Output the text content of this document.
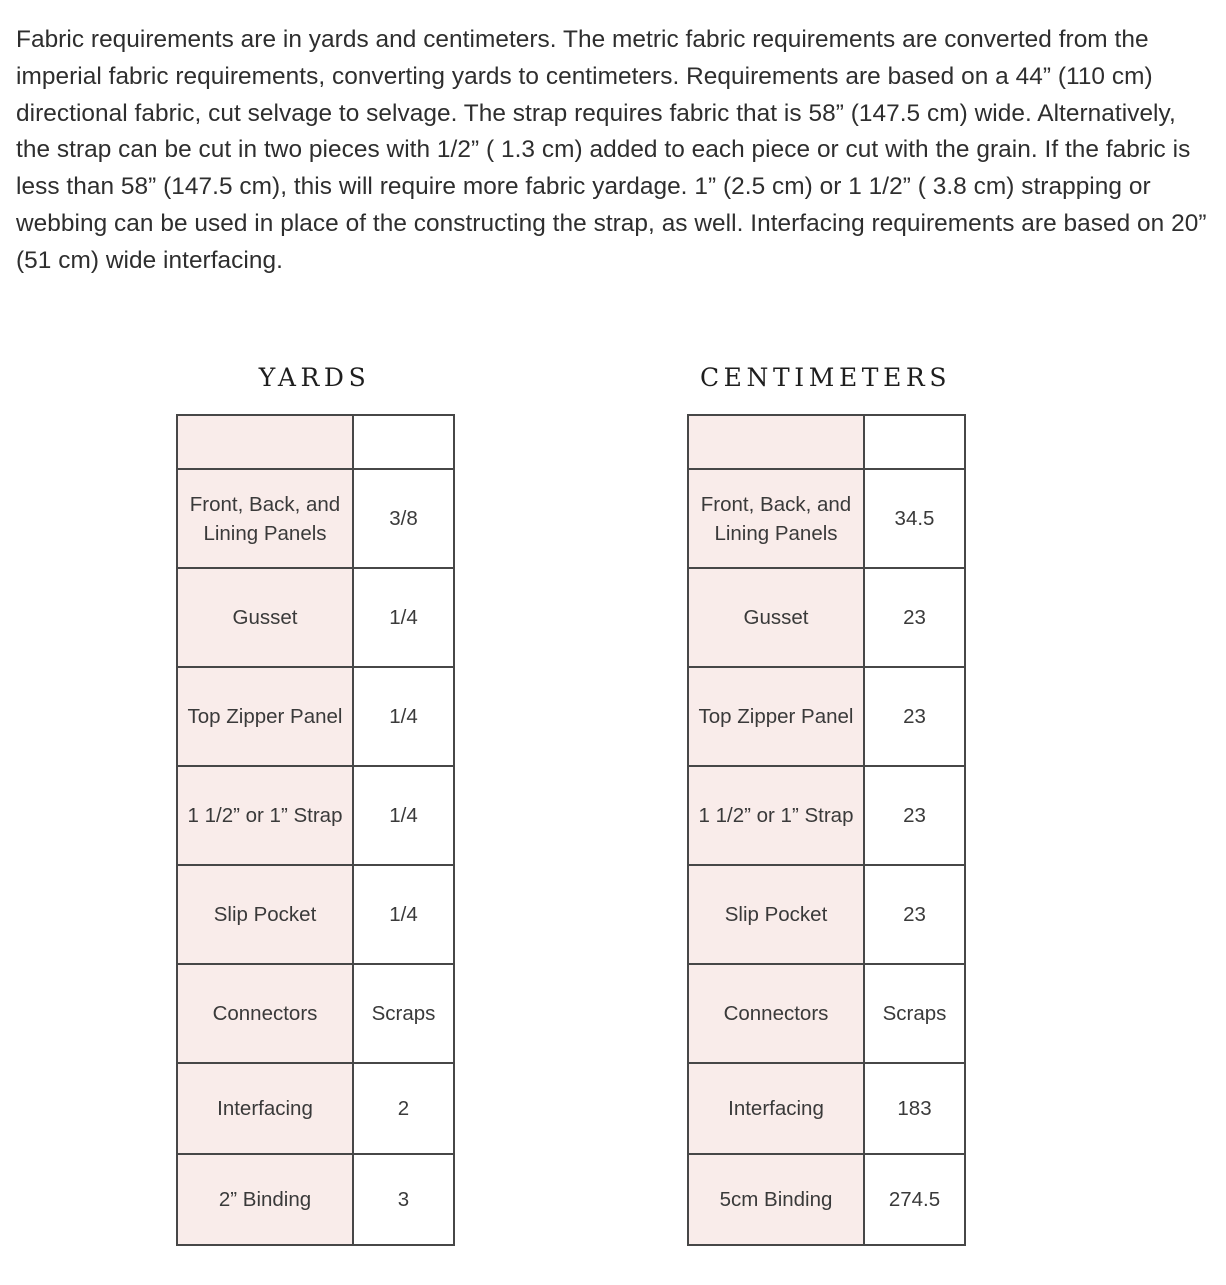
Fabric requirements are in yards and centimeters. The metric fabric requirements are converted from the imperial fabric requirements, converting yards to centimeters. Requirements are based on a 44” (110 cm) directional fabric, cut selvage to selvage. The strap requires fabric that is 58” (147.5 cm) wide. Alternatively, the strap can be cut in two pieces with 1/2” ( 1.3 cm) added to each piece or cut with the grain. If the fabric is less than 58” (147.5 cm), this will require more fabric yardage. 1” (2.5 cm) or 1 1/2” ( 3.8 cm) strapping or webbing can be used in place of the constructing the strap, as well. Interfacing requirements are based on 20” (51 cm) wide interfacing.

YARDS

Front, Back, and Lining Panels	3/8
Gusset	1/4
Top Zipper Panel	1/4
1 1/2” or 1” Strap	1/4
Slip Pocket	1/4
Connectors	Scraps
Interfacing	2
2” Binding	3
CENTIMETERS

Front, Back, and Lining Panels	34.5
Gusset	23
Top Zipper Panel	23
1 1/2” or 1” Strap	23
Slip Pocket	23
Connectors	Scraps
Interfacing	183
5cm Binding	274.5
